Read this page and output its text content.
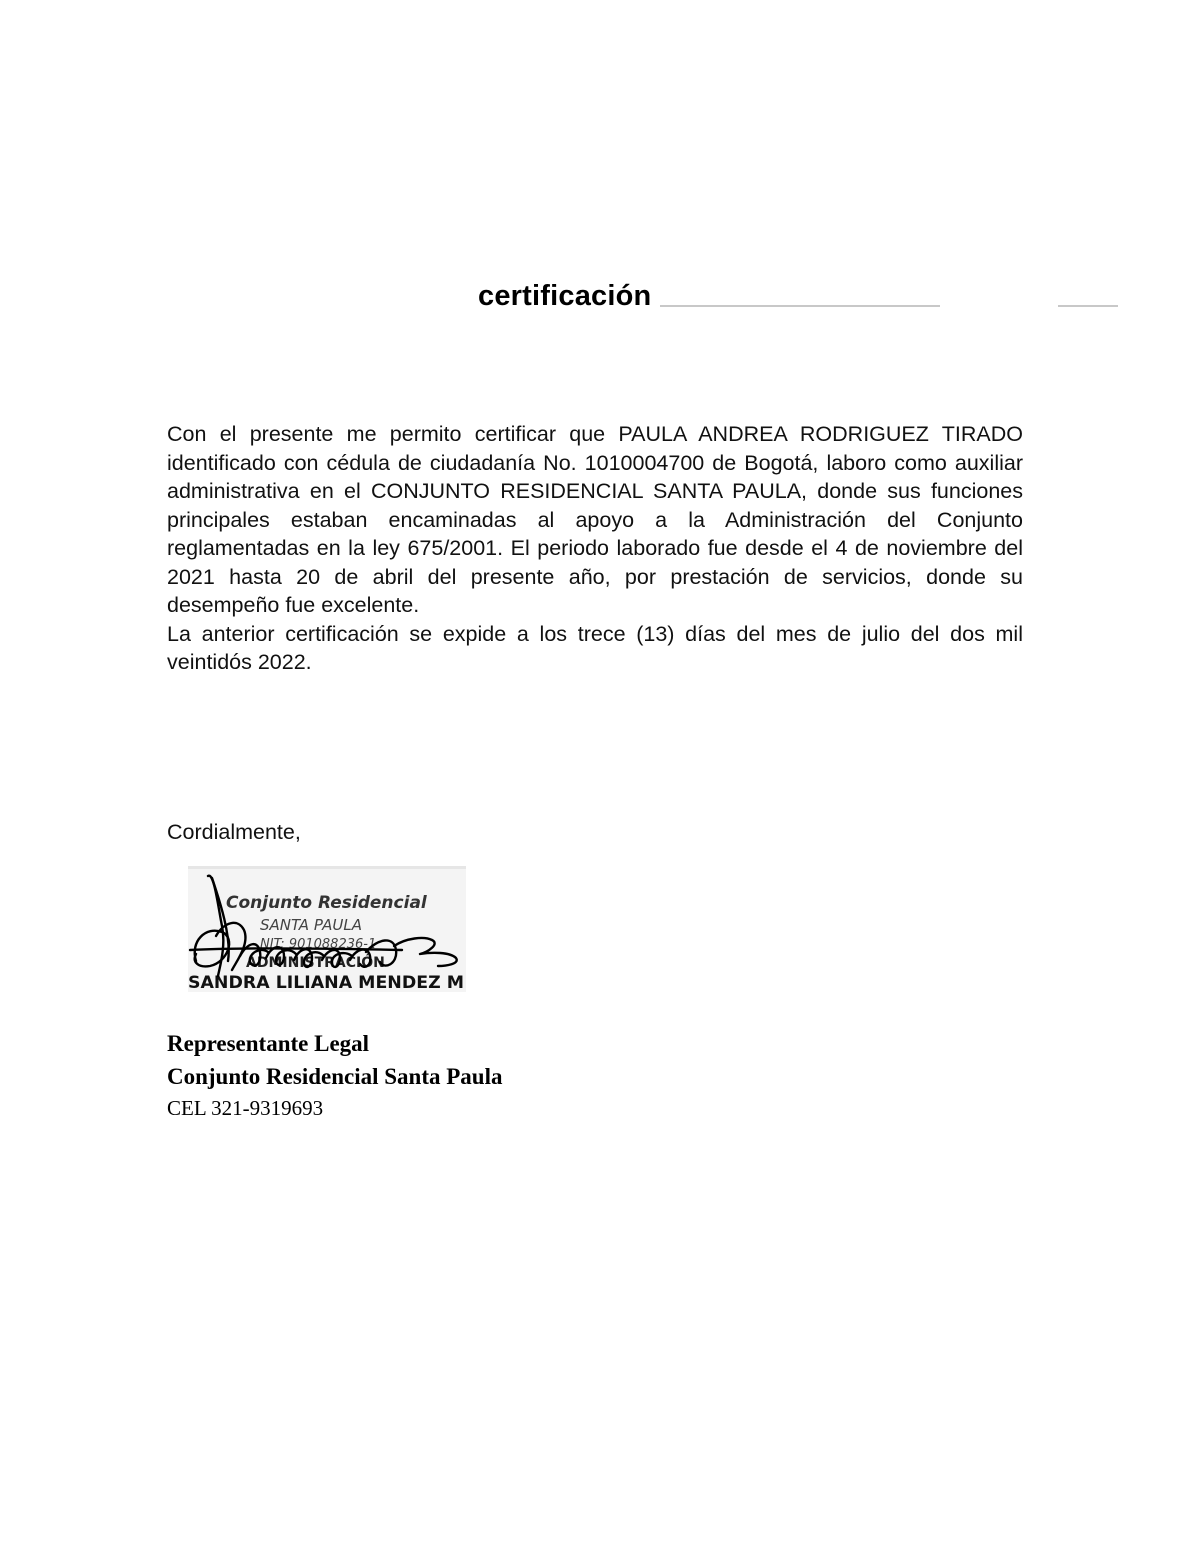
certificación

Con el presente me permito certificar que PAULA ANDREA RODRIGUEZ TIRADO identificado con cédula de ciudadanía No. 1010004700 de Bogotá, laboro como auxiliar administrativa en el CONJUNTO RESIDENCIAL SANTA PAULA, donde sus funciones principales estaban encaminadas al apoyo a la Administración del Conjunto reglamentadas en la ley 675/2001. El periodo laborado fue desde el 4 de noviembre del 2021 hasta 20 de abril del presente año, por prestación de servicios, donde su desempeño fue excelente.

La anterior certificación se expide a los trece (13) días del mes de julio del dos mil veintidós 2022.

Cordialmente,
Conjunto Residencial
SANTA PAULA
NIT: 901088236-1
ADMINISTRACIÓN
SANDRA LILIANA MENDEZ M
Representante Legal
Conjunto Residencial Santa Paula
CEL 321-9319693
